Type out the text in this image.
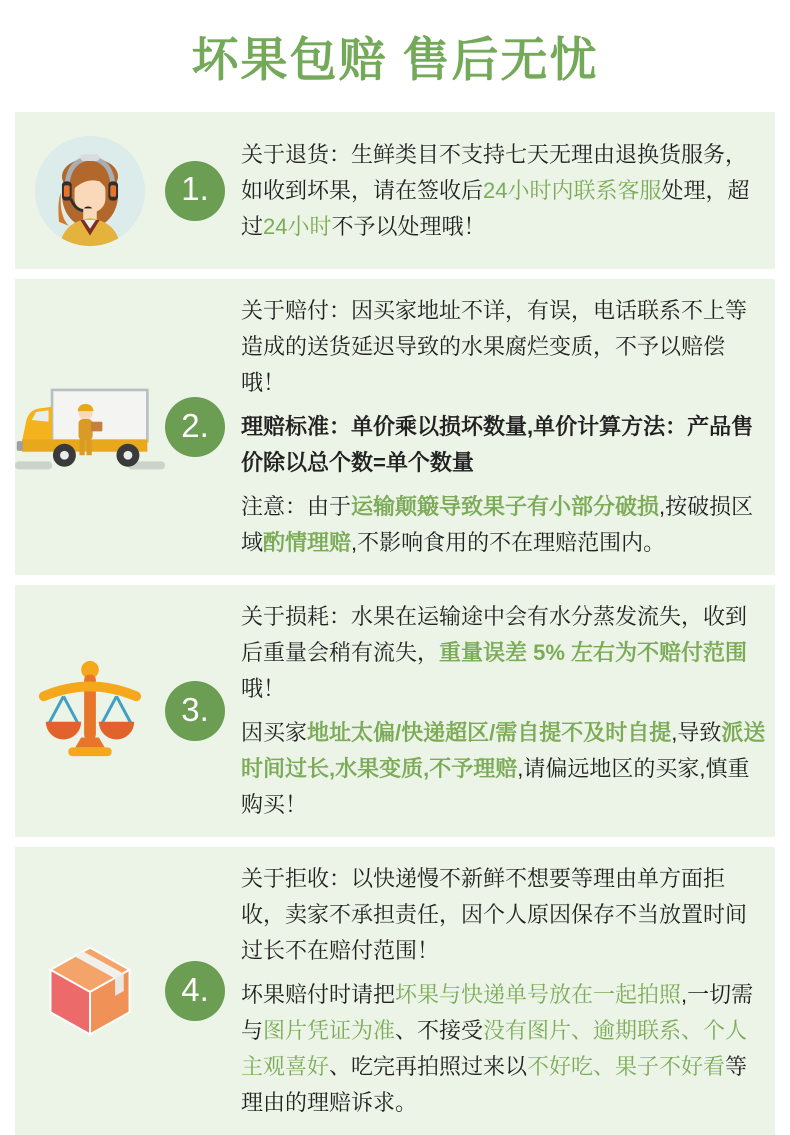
坏果包赔 售后无忧
1.
关于退货：生鲜类目不支持七天无理由退换货服务，如收到坏果，请在签收后24小时内联系客服处理，超过24小时不予以处理哦！
2.
关于赔付：因买家地址不详，有误，电话联系不上等造成的送货延迟导致的水果腐烂变质，不予以赔偿哦！
理赔标准：单价乘以损坏数量,单价计算方法：产品售价除以总个数=单个数量
注意：由于运输颠簸导致果子有小部分破损,按破损区域酌情理赔,不影响食用的不在理赔范围内。
3.
关于损耗：水果在运输途中会有水分蒸发流失，收到后重量会稍有流失，重量误差 5% 左右为不赔付范围哦！
因买家地址太偏/快递超区/需自提不及时自提,导致派送时间过长,水果变质,不予理赔,请偏远地区的买家,慎重购买！
4.
关于拒收：以快递慢不新鲜不想要等理由单方面拒收，卖家不承担责任，因个人原因保存不当放置时间过长不在赔付范围！
坏果赔付时请把坏果与快递单号放在一起拍照,一切需与图片凭证为准、不接受没有图片、逾期联系、个人主观喜好、吃完再拍照过来以不好吃、果子不好看等理由的理赔诉求。
